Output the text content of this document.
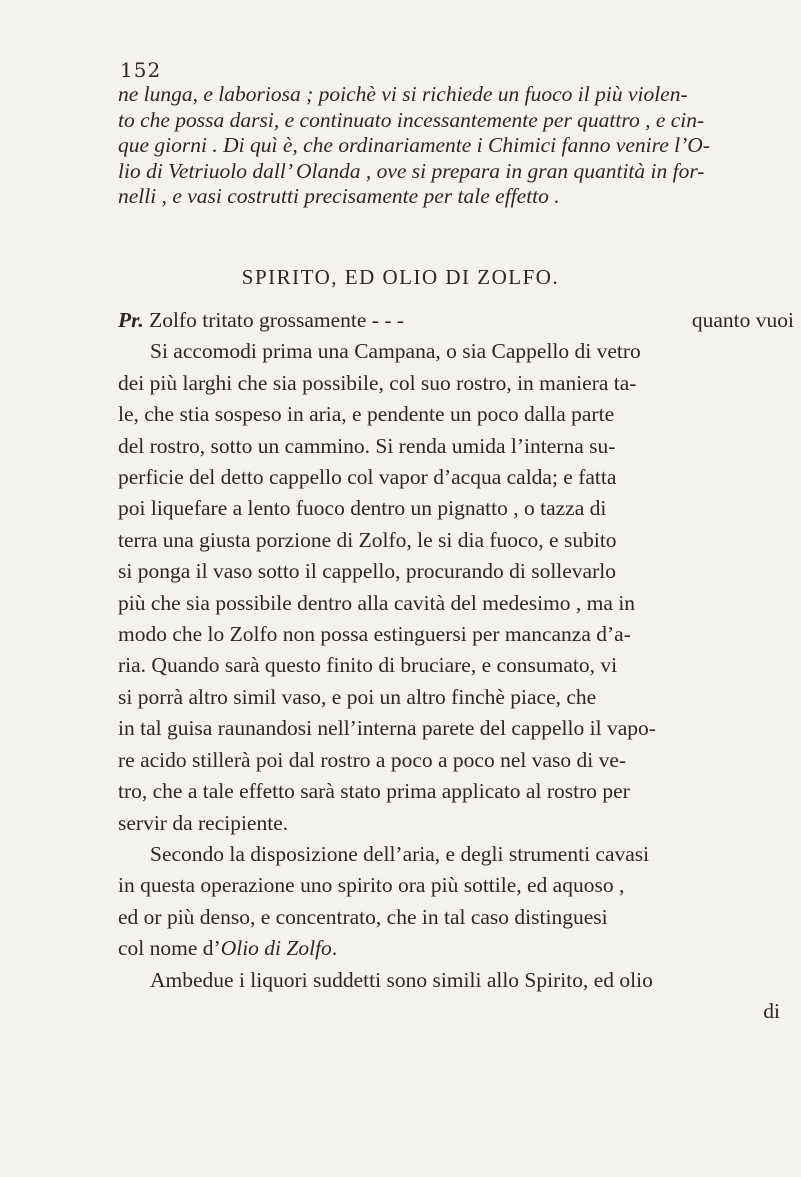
152
ne lunga, e laboriosa ; poichè vi si richiede un fuoco il più violen-
to che possa darsi, e continuato incessantemente per quattro , e cin-
que giorni . Di quì è, che ordinariamente i Chimici fanno venire l’O-
lio di Vetriuolo dall’ Olanda , ove si prepara in gran quantità in for-
nelli , e vasi costrutti precisamente per tale effetto .
SPIRITO, ED OLIO DI ZOLFO.
Pr. Zolfo tritato grossamente - - -	quanto vuoi
Si accomodi prima una Campana, o sia Cappello di vetro
dei più larghi che sia possibile, col suo rostro, in maniera ta-
le, che stia sospeso in aria, e pendente un poco dalla parte
del rostro, sotto un cammino. Si renda umida l’interna su-
perficie del detto cappello col vapor d’acqua calda; e fatta
poi liquefare a lento fuoco dentro un pignatto , o tazza di
terra una giusta porzione di Zolfo, le si dia fuoco, e subito
si ponga il vaso sotto il cappello, procurando di sollevarlo
più che sia possibile dentro alla cavità del medesimo , ma in
modo che lo Zolfo non possa estinguersi per mancanza d’a-
ria. Quando sarà questo finito di bruciare, e consumato, vi
si porrà altro simil vaso, e poi un altro finchè piace, che
in tal guisa raunandosi nell’interna parete del cappello il vapo-
re acido stillerà poi dal rostro a poco a poco nel vaso di ve-
tro, che a tale effetto sarà stato prima applicato al rostro per
servir da recipiente.
Secondo la disposizione dell’aria, e degli strumenti cavasi
in questa operazione uno spirito ora più sottile, ed aquoso ,
ed or più denso, e concentrato, che in tal caso distinguesi
col nome d’Olio di Zolfo.
Ambedue i liquori suddetti sono simili allo Spirito, ed olio
di
